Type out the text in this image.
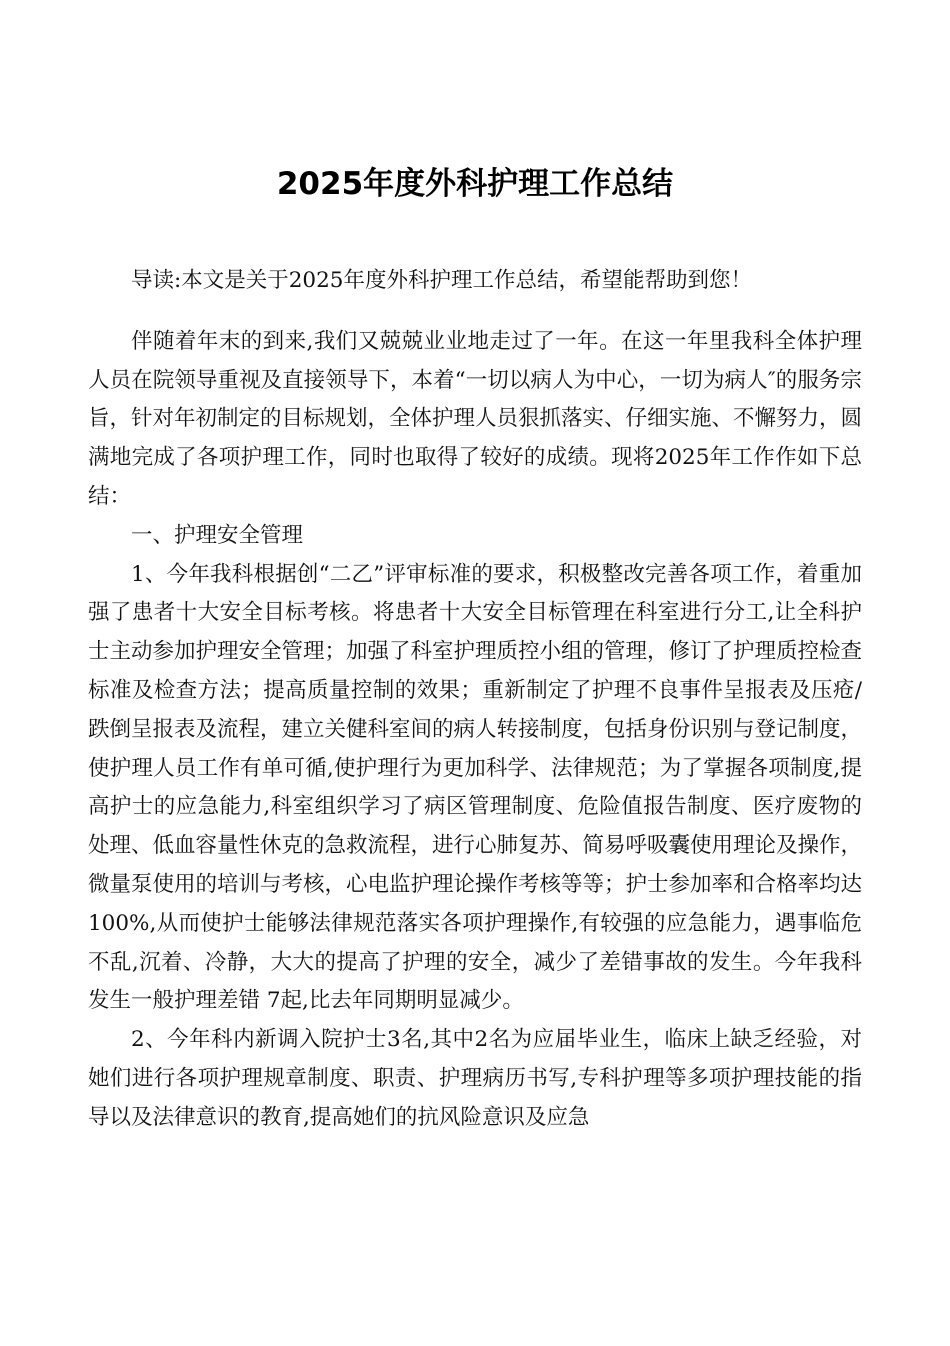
2025年度外科护理工作总结

导读:本文是关于2025年度外科护理工作总结，希望能帮助到您！

伴随着年末的到来,我们又兢兢业业地走过了一年。在这一年里我科全体护理人员在院领导重视及直接领导下，本着“一切以病人为中心，一切为病人″的服务宗旨，针对年初制定的目标规划，全体护理人员狠抓落实、仔细实施、不懈努力，圆满地完成了各项护理工作，同时也取得了较好的成绩。现将2025年工作作如下总结：

一、护理安全管理

1、今年我科根据创“二乙”评审标准的要求，积极整改完善各项工作，着重加强了患者十大安全目标考核。将患者十大安全目标管理在科室进行分工,让全科护士主动参加护理安全管理；加强了科室护理质控小组的管理，修订了护理质控检查标准及检查方法；提高质量控制的效果；重新制定了护理不良事件呈报表及压疮/跌倒呈报表及流程，建立关健科室间的病人转接制度，包括身份识别与登记制度，使护理人员工作有单可循,使护理行为更加科学、法律规范；为了掌握各项制度,提高护士的应急能力,科室组织学习了病区管理制度、危险值报告制度、医疗废物的处理、低血容量性休克的急救流程，进行心肺复苏、简易呼吸囊使用理论及操作，微量泵使用的培训与考核，心电监护理论操作考核等等；护士参加率和合格率均达100%,从而使护士能够法律规范落实各项护理操作,有较强的应急能力，遇事临危不乱,沉着、冷静，大大的提高了护理的安全，减少了差错事故的发生。今年我科发生一般护理差错 7起,比去年同期明显减少。

2、今年科内新调入院护士3名,其中2名为应届毕业生，临床上缺乏经验，对她们进行各项护理规章制度、职责、护理病历书写,专科护理等多项护理技能的指导以及法律意识的教育,提高她们的抗风险意识及应急
